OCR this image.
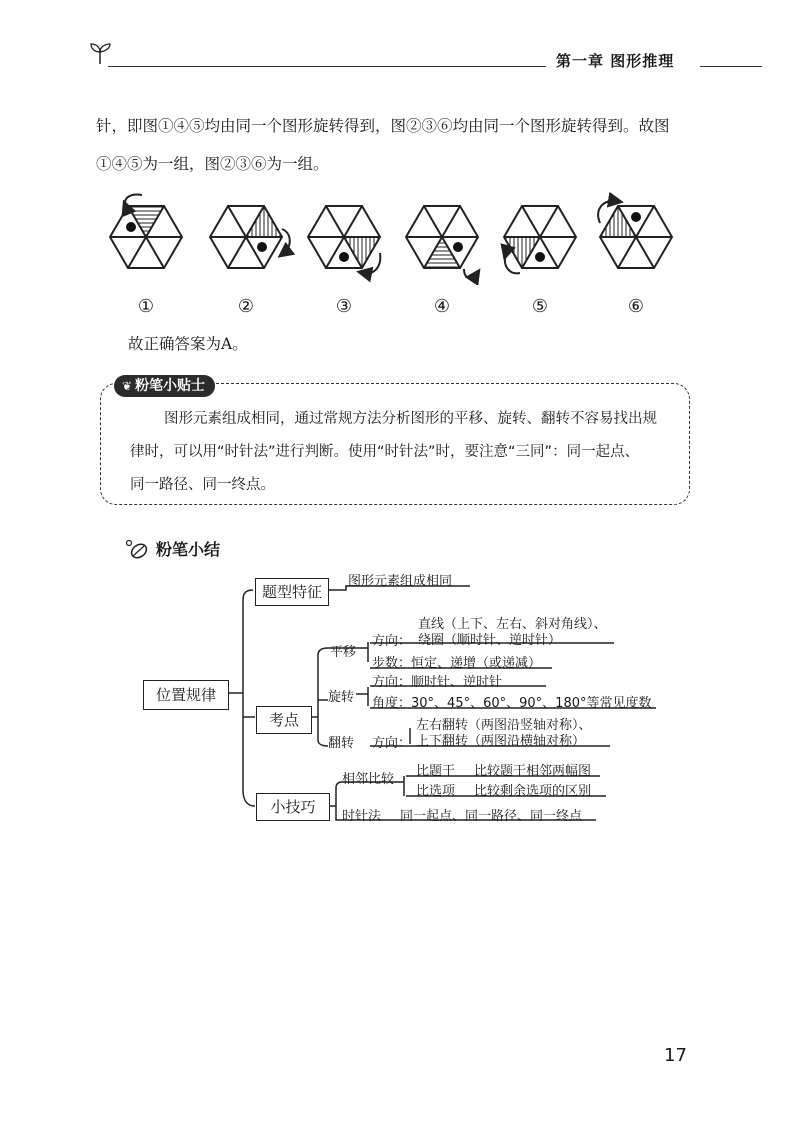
第一章 图形推理
针，即图①④⑤均由同一个图形旋转得到，图②③⑥均由同一个图形旋转得到。故图
①④⑤为一组，图②③⑥为一组。
①	②	③	④	⑤	⑥
故正确答案为A。
❦ 粉笔小贴士
图形元素组成相同，通过常规方法分析图形的平移、旋转、翻转不容易找出规
律时，可以用“时针法”进行判断。使用“时针法”时，要注意“三同”：同一起点、
同一路径、同一终点。
粉笔小结
位置规律
题型特征
考点
小技巧
图形元素组成相同
平移
方向：
直线（上下、左右、斜对角线）、
绕圈（顺时针、逆时针）
步数：恒定、递增（或递减）
旋转
方向：顺时针、逆时针
角度：30°、45°、60°、90°、180°等常见度数
翻转 方向：
左右翻转（两图沿竖轴对称）、
上下翻转（两图沿横轴对称）
相邻比较
比题干 比较题干相邻两幅图
比选项 比较剩余选项的区别
时针法 同一起点、同一路径、同一终点
17
